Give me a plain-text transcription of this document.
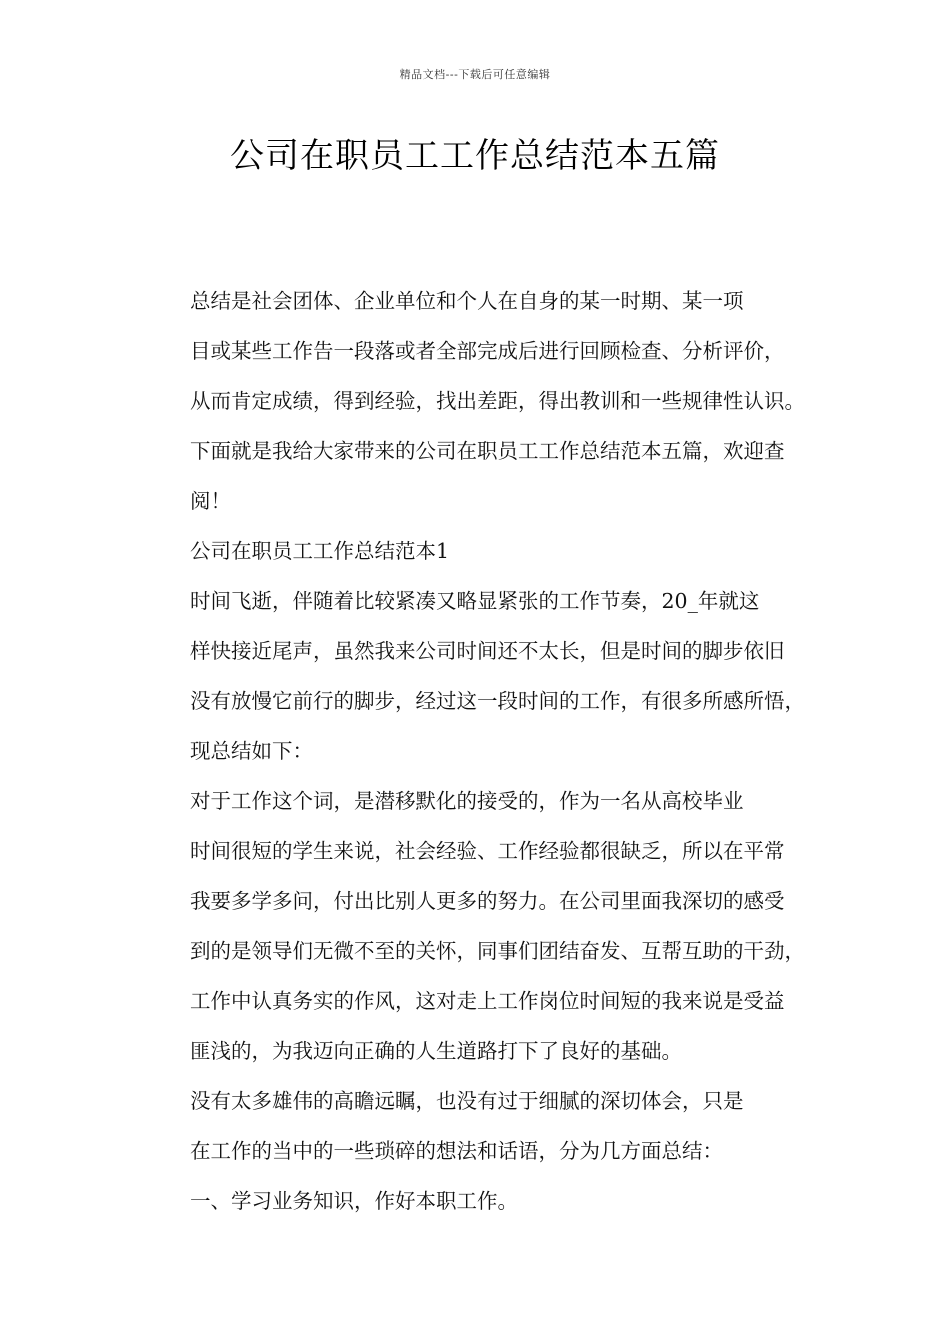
精品文档---下载后可任意编辑
公司在职员工工作总结范本五篇

总结是社会团体、企业单位和个人在自身的某一时期、某一项
目或某些工作告一段落或者全部完成后进行回顾检查、分析评价，
从而肯定成绩，得到经验，找出差距，得出教训和一些规律性认识。
下面就是我给大家带来的公司在职员工工作总结范本五篇，欢迎查
阅！

公司在职员工工作总结范本1

时间飞逝，伴随着比较紧凑又略显紧张的工作节奏，20_年就这
样快接近尾声，虽然我来公司时间还不太长，但是时间的脚步依旧
没有放慢它前行的脚步，经过这一段时间的工作，有很多所感所悟，
现总结如下：

对于工作这个词，是潜移默化的接受的，作为一名从高校毕业
时间很短的学生来说，社会经验、工作经验都很缺乏，所以在平常
我要多学多问，付出比别人更多的努力。在公司里面我深切的感受
到的是领导们无微不至的关怀，同事们团结奋发、互帮互助的干劲，
工作中认真务实的作风，这对走上工作岗位时间短的我来说是受益
匪浅的，为我迈向正确的人生道路打下了良好的基础。

没有太多雄伟的高瞻远瞩，也没有过于细腻的深切体会，只是
在工作的当中的一些琐碎的想法和话语，分为几方面总结：

一、学习业务知识，作好本职工作。
